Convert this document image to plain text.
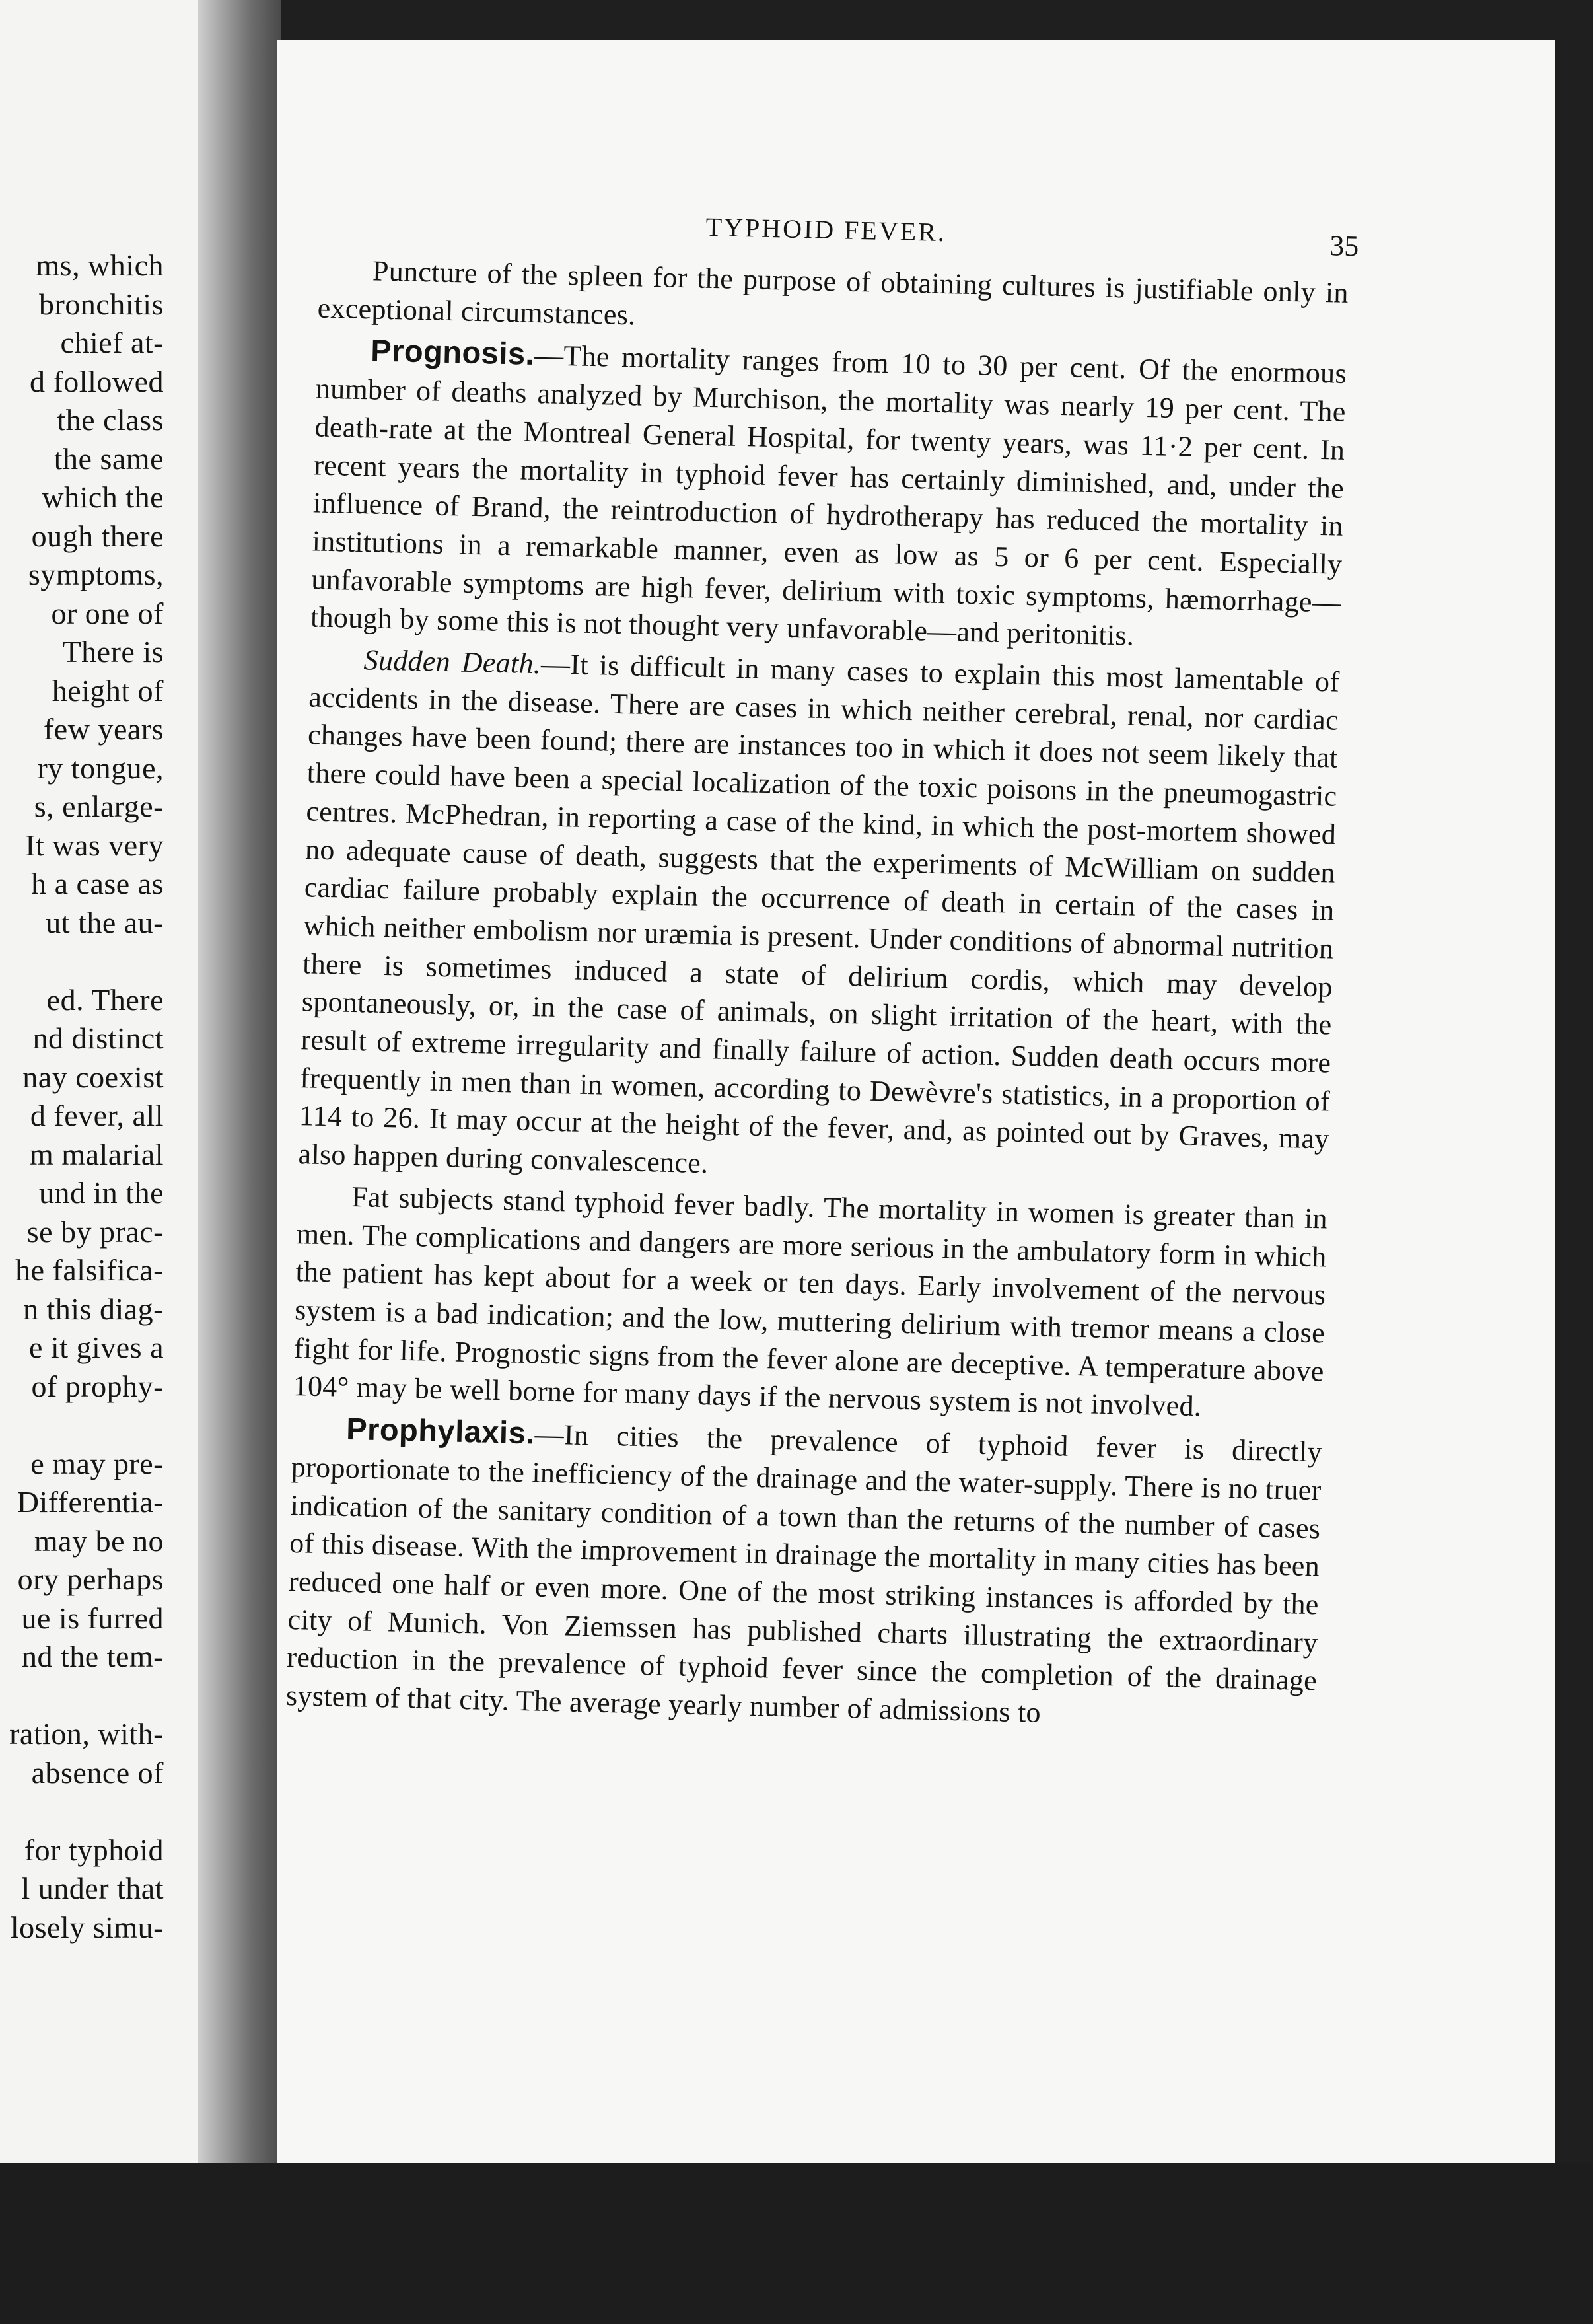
ms, which
bronchitis
chief at-
d followed
the class
the same
which the
ough there
symptoms,
or one of
There is
height of
few years
ry tongue,
s, enlarge-
It was very
h a case as
ut the au-
ed. There
nd distinct
nay coexist
d fever, all
m malarial
und in the
se by prac-
he falsifica-
n this diag-
e it gives a
of prophy-
e may pre-
Differentia-
may be no
ory perhaps
ue is furred
nd the tem-
ration, with-
absence of
for typhoid
l under that
losely simu-
TYPHOID FEVER.	35

Puncture of the spleen for the purpose of obtaining cultures is justifiable only in exceptional circumstances.

Prognosis.—The mortality ranges from 10 to 30 per cent. Of the enormous number of deaths analyzed by Murchison, the mortality was nearly 19 per cent. The death-rate at the Montreal General Hospital, for twenty years, was 11·2 per cent. In recent years the mortality in typhoid fever has certainly diminished, and, under the influence of Brand, the reintroduction of hydrotherapy has reduced the mortality in institutions in a remarkable manner, even as low as 5 or 6 per cent. Especially unfavorable symptoms are high fever, delirium with toxic symptoms, hæmorrhage—though by some this is not thought very unfavorable—and peritonitis.

Sudden Death.—It is difficult in many cases to explain this most lamentable of accidents in the disease. There are cases in which neither cerebral, renal, nor cardiac changes have been found; there are instances too in which it does not seem likely that there could have been a special localization of the toxic poisons in the pneumogastric centres. McPhedran, in reporting a case of the kind, in which the post-mortem showed no adequate cause of death, suggests that the experiments of McWilliam on sudden cardiac failure probably explain the occurrence of death in certain of the cases in which neither embolism nor uræmia is present. Under conditions of abnormal nutrition there is sometimes induced a state of delirium cordis, which may develop spontaneously, or, in the case of animals, on slight irritation of the heart, with the result of extreme irregularity and finally failure of action. Sudden death occurs more frequently in men than in women, according to Dewèvre's statistics, in a proportion of 114 to 26. It may occur at the height of the fever, and, as pointed out by Graves, may also happen during convalescence.

Fat subjects stand typhoid fever badly. The mortality in women is greater than in men. The complications and dangers are more serious in the ambulatory form in which the patient has kept about for a week or ten days. Early involvement of the nervous system is a bad indication; and the low, muttering delirium with tremor means a close fight for life. Prognostic signs from the fever alone are deceptive. A temperature above 104° may be well borne for many days if the nervous system is not involved.

Prophylaxis.—In cities the prevalence of typhoid fever is directly proportionate to the inefficiency of the drainage and the water-supply. There is no truer indication of the sanitary condition of a town than the returns of the number of cases of this disease. With the improvement in drainage the mortality in many cities has been reduced one half or even more. One of the most striking instances is afforded by the city of Munich. Von Ziemssen has published charts illustrating the extraordinary reduction in the prevalence of typhoid fever since the completion of the drainage system of that city. The average yearly number of admissions to
